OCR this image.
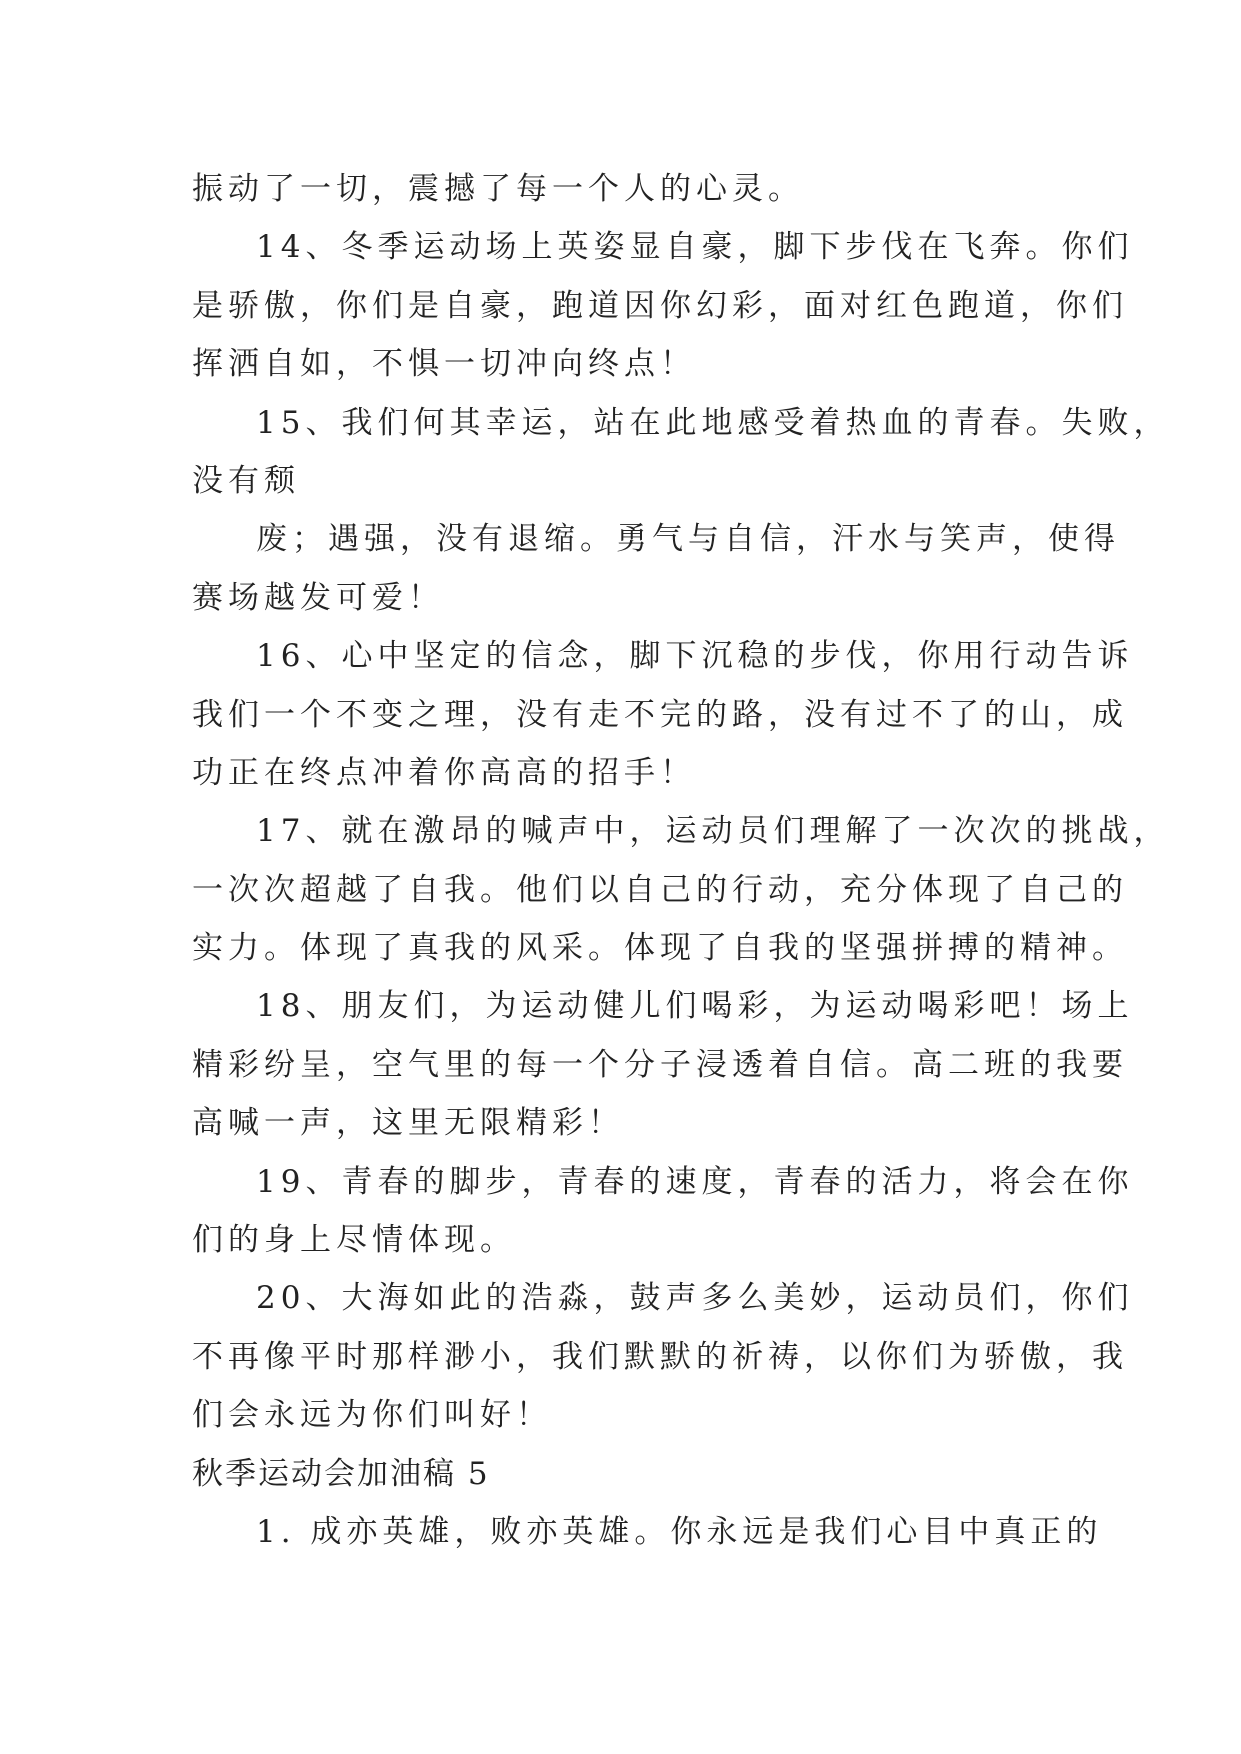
振动了一切，震撼了每一个人的心灵。
14、冬季运动场上英姿显自豪，脚下步伐在飞奔。你们
是骄傲，你们是自豪，跑道因你幻彩，面对红色跑道，你们
挥洒自如，不惧一切冲向终点！
15、我们何其幸运，站在此地感受着热血的青春。失败，
没有颓
废；遇强，没有退缩。勇气与自信，汗水与笑声，使得
赛场越发可爱！
16、心中坚定的信念，脚下沉稳的步伐，你用行动告诉
我们一个不变之理，没有走不完的路，没有过不了的山，成
功正在终点冲着你高高的招手！
17、就在激昂的喊声中，运动员们理解了一次次的挑战，
一次次超越了自我。他们以自己的行动，充分体现了自己的
实力。体现了真我的风采。体现了自我的坚强拼搏的精神。
18、朋友们，为运动健儿们喝彩，为运动喝彩吧！场上
精彩纷呈，空气里的每一个分子浸透着自信。高二班的我要
高喊一声，这里无限精彩！
19、青春的脚步，青春的速度，青春的活力，将会在你
们的身上尽情体现。
20、大海如此的浩淼，鼓声多么美妙，运动员们，你们
不再像平时那样渺小，我们默默的祈祷，以你们为骄傲，我
们会永远为你们叫好！
秋季运动会加油稿 5
1. 成亦英雄，败亦英雄。你永远是我们心目中真正的
